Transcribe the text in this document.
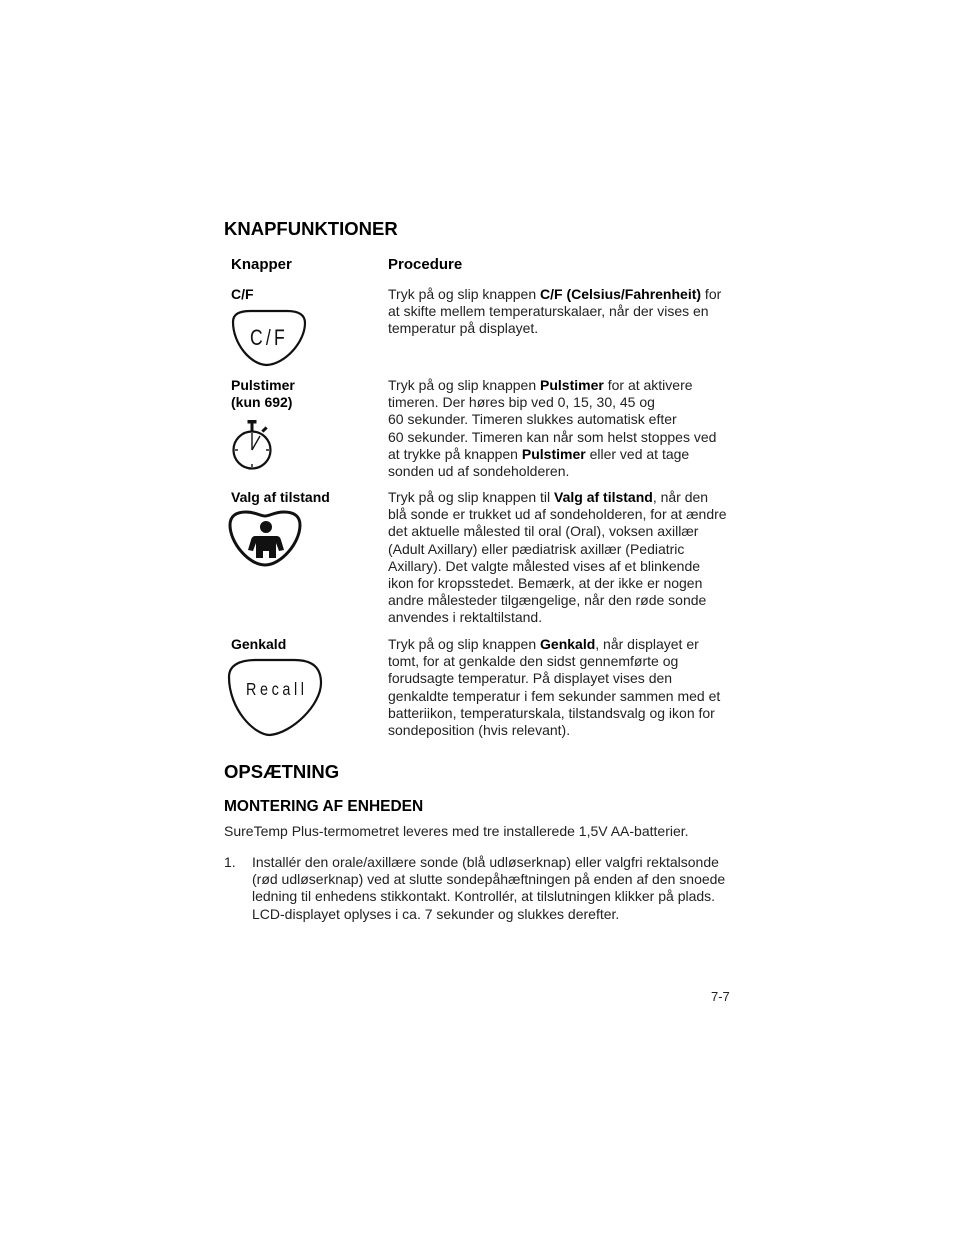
KNAPFUNKTIONER
Knapper	Procedure
C/F
C/F
Tryk på og slip knappen C/F (Celsius/Fahrenheit) for
at skifte mellem temperaturskalaer, når der vises en
temperatur på displayet.
Pulstimer
(kun 692)
Tryk på og slip knappen Pulstimer for at aktivere
timeren. Der høres bip ved 0, 15, 30, 45 og
60 sekunder. Timeren slukkes automatisk efter
60 sekunder. Timeren kan når som helst stoppes ved
at trykke på knappen Pulstimer eller ved at tage
sonden ud af sondeholderen.
Valg af tilstand	Tryk på og slip knappen til Valg af tilstand, når den
blå sonde er trukket ud af sondeholderen, for at ændre
det aktuelle målested til oral (Oral), voksen axillær
(Adult Axillary) eller pædiatrisk axillær (Pediatric
Axillary). Det valgte målested vises af et blinkende
ikon for kropsstedet. Bemærk, at der ikke er nogen
andre målesteder tilgængelige, når den røde sonde
anvendes i rektaltilstand.
Genkald
Recall
Tryk på og slip knappen Genkald, når displayet er
tomt, for at genkalde den sidst gennemførte og
forudsagte temperatur. På displayet vises den
genkaldte temperatur i fem sekunder sammen med et
batteriikon, temperaturskala, tilstandsvalg og ikon for
sondeposition (hvis relevant).
OPSÆTNING
MONTERING AF ENHEDEN
SureTemp Plus-termometret leveres med tre installerede 1,5V AA-batterier.
1. Installér den orale/axillære sonde (blå udløserknap) eller valgfri rektalsonde
(rød udløserknap) ved at slutte sondepåhæftningen på enden af den snoede
ledning til enhedens stikkontakt. Kontrollér, at tilslutningen klikker på plads.
LCD-displayet oplyses i ca. 7 sekunder og slukkes derefter.
7-7
